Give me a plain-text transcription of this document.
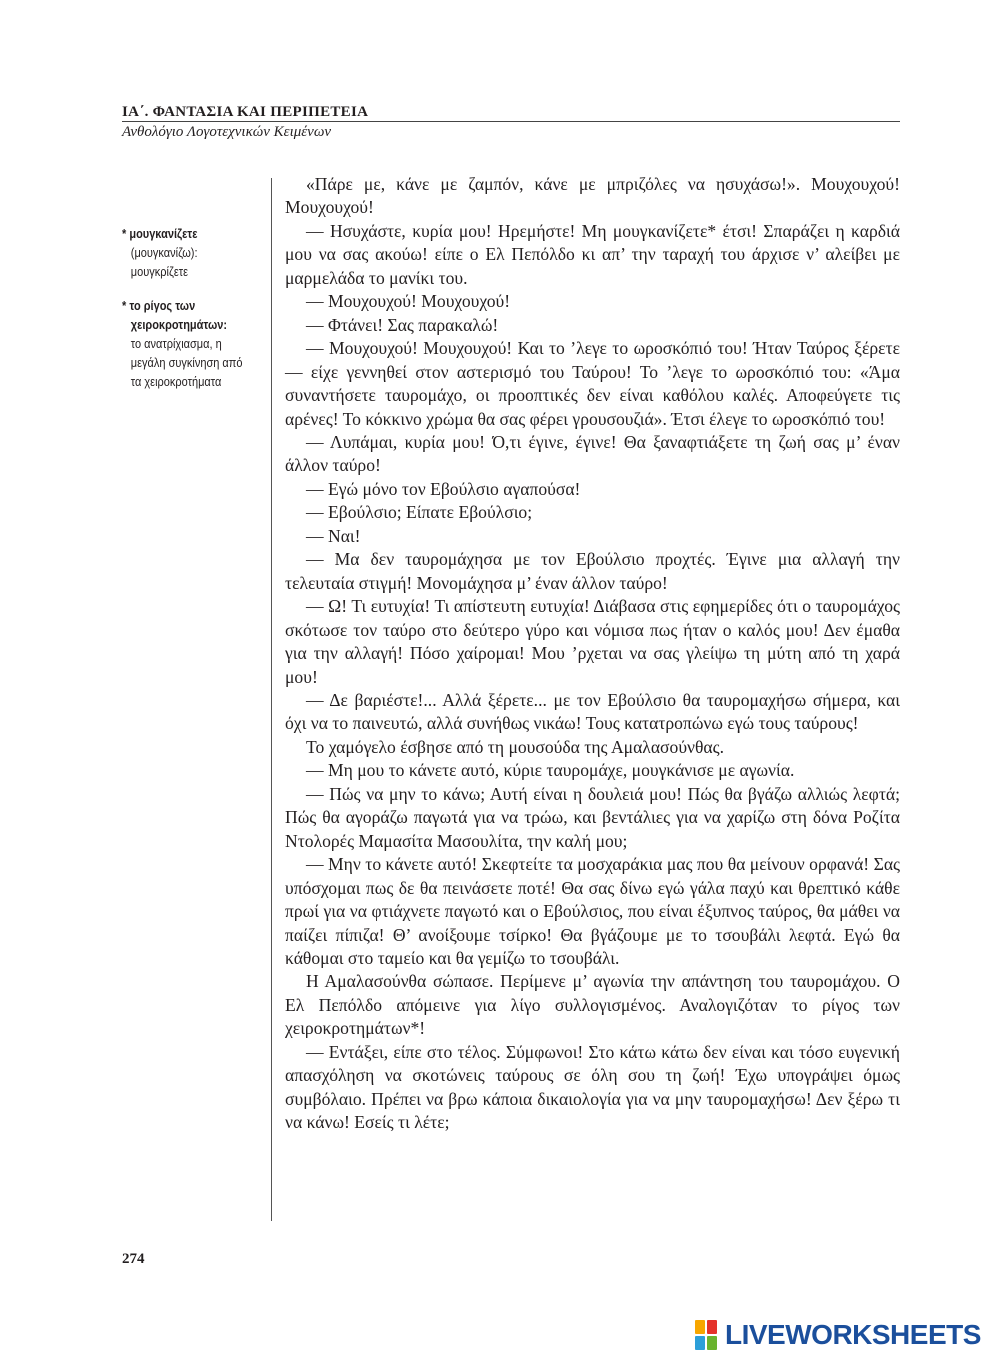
ΙΑ΄. ΦΑΝΤΑΣΙΑ ΚΑΙ ΠΕΡΙΠΕΤΕΙΑ
Ανθολόγιο Λογοτεχνικών Κειμένων
* μουγκανίζετε
(μουγκανίζω):
μουγκρίζετε
* το ρίγος των
χειροκροτημάτων:
το ανατρίχιασμα, η
μεγάλη συγκίνηση από
τα χειροκροτήματα

«Πάρε με, κάνε με ζαμπόν, κάνε με μπριζόλες να ησυχάσω!». Μουχουχού! Μουχουχού!

— Ησυχάστε, κυρία μου! Ηρεμήστε! Μη μουγκανίζετε* έτσι! Σπαράζει η καρδιά μου να σας ακούω! είπε ο Ελ Πεπόλδο κι απ’ την ταραχή του άρχισε ν’ αλείβει με μαρμελάδα το μανίκι του.

— Μουχουχού! Μουχουχού!

— Φτάνει! Σας παρακαλώ!

— Μουχουχού! Μουχουχού! Και το ’λεγε το ωροσκόπιό του! Ήταν Ταύρος ξέρετε — είχε γεννηθεί στον αστερισμό του Ταύρου! Το ’λεγε το ωροσκόπιό του: «Άμα συναντήσετε ταυρομάχο, οι προοπτικές δεν είναι καθόλου καλές. Αποφεύγετε τις αρένες! Το κόκκινο χρώμα θα σας φέρει γρουσουζιά». Έτσι έλεγε το ωροσκόπιό του!

— Λυπάμαι, κυρία μου! Ό,τι έγινε, έγινε! Θα ξαναφτιάξετε τη ζωή σας μ’ έναν άλλον ταύρο!

— Εγώ μόνο τον Εβούλσιο αγαπούσα!

— Εβούλσιο; Είπατε Εβούλσιο;

— Ναι!

— Μα δεν ταυρομάχησα με τον Εβούλσιο προχτές. Έγινε μια αλλαγή την τελευταία στιγμή! Μονομάχησα μ’ έναν άλλον ταύρο!

— Ω! Τι ευτυχία! Τι απίστευτη ευτυχία! Διάβασα στις εφημερίδες ότι ο ταυρομάχος σκότωσε τον ταύρο στο δεύτερο γύρο και νόμισα πως ήταν ο καλός μου! Δεν έμαθα για την αλλαγή! Πόσο χαίρομαι! Μου ’ρχεται να σας γλείψω τη μύτη από τη χαρά μου!

— Δε βαριέστε!... Αλλά ξέρετε... με τον Εβούλσιο θα ταυρομαχήσω σήμερα, και όχι να το παινευτώ, αλλά συνήθως νικάω! Τους κατατροπώνω εγώ τους ταύρους!

Το χαμόγελο έσβησε από τη μουσούδα της Αμαλασούνθας.

— Μη μου το κάνετε αυτό, κύριε ταυρομάχε, μουγκάνισε με αγωνία.

— Πώς να μην το κάνω; Αυτή είναι η δουλειά μου! Πώς θα βγάζω αλλιώς λεφτά; Πώς θα αγοράζω παγωτά για να τρώω, και βεντάλιες για να χαρίζω στη δόνα Ροζίτα Ντολορές Μαμασίτα Μασουλίτα, την καλή μου;

— Μην το κάνετε αυτό! Σκεφτείτε τα μοσχαράκια μας που θα μείνουν ορφανά! Σας υπόσχομαι πως δε θα πεινάσετε ποτέ! Θα σας δίνω εγώ γάλα παχύ και θρεπτικό κάθε πρωί για να φτιάχνετε παγωτό και ο Εβούλσιος, που είναι έξυπνος ταύρος, θα μάθει να παίζει πίπιζα! Θ’ ανοίξουμε τσίρκο! Θα βγάζουμε με το τσουβάλι λεφτά. Εγώ θα κάθομαι στο ταμείο και θα γεμίζω το τσουβάλι.

Η Αμαλασούνθα σώπασε. Περίμενε μ’ αγωνία την απάντηση του ταυρομάχου. Ο Ελ Πεπόλδο απόμεινε για λίγο συλλογισμένος. Αναλογιζόταν το ρίγος των χειροκροτημάτων*!

— Εντάξει, είπε στο τέλος. Σύμφωνοι! Στο κάτω κάτω δεν είναι και τόσο ευγενική απασχόληση να σκοτώνεις ταύρους σε όλη σου τη ζωή! Έχω υπογράψει όμως συμβόλαιο. Πρέπει να βρω κάποια δικαιολογία για να μην ταυρομαχήσω! Δεν ξέρω τι να κάνω! Εσείς τι λέτε;

274
LIVEWORKSHEETS
